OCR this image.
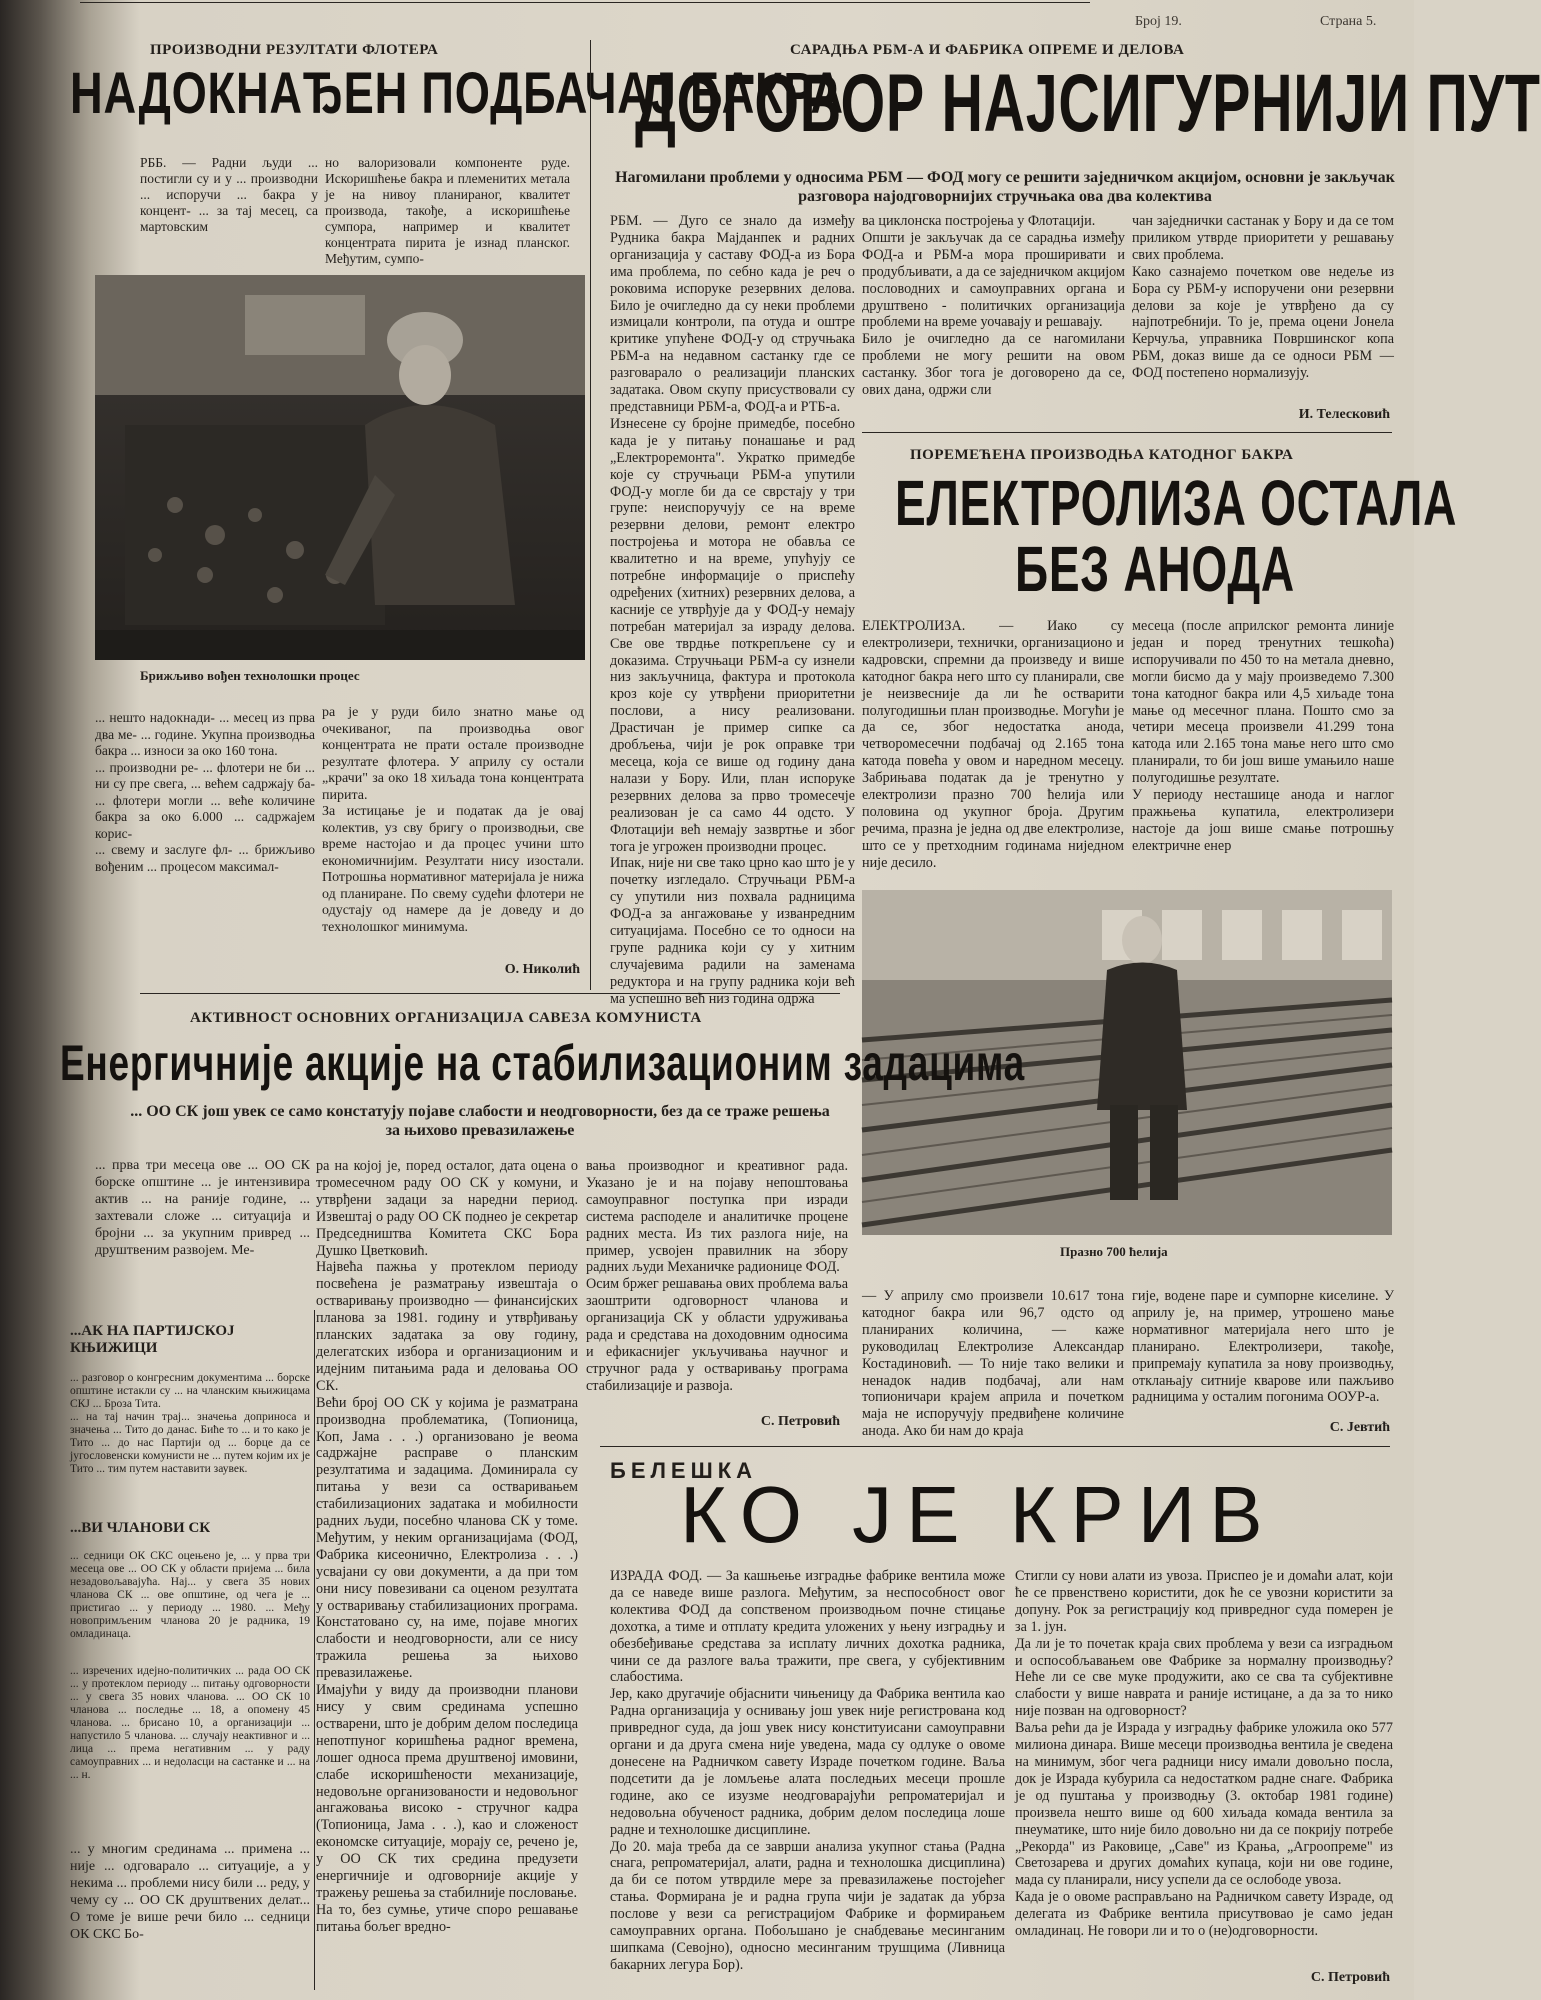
Број 19.	Страна 5.
ПРОИЗВОДНИ РЕЗУЛТАТИ ФЛОТЕРА
НАДОКНАЂЕН ПОДБАЧАЈ БАКРА
РББ. — Радни људи ... постигли су и у ... производни ... испоручи ... бакра у концент- ... за тај месец, са мартовским
но валоризовали компоненте руде. Искоришћење бакра и племенитих метала је на нивоу планираног, квалитет производа, такође, а искоришћење сумпора, например и квалитет концентрата пирита је изнад планског. Међутим, сумпо-
Брижљиво вођен технолошки процес
... нешто надокнади- ... месец из прва два ме- ... године. Укупна производња бакра ... износи за око 160 тона.
... производни ре- ... флотери не би ... ни су пре свега, ... већем садржају ба- ... флотери могли ... веће количине бакра за око 6.000 ... садржајем корис-
... свему и заслуге фл- ... брижљиво вођеним ... процесом максимал-
ра је у руди било знатно мање од очекиваног, па производња овог концентрата не прати остале производне резултате флотера. У априлу су остали „крачи" за око 18 хиљада тона концентрата пирита.
За истицање је и податак да је овај колектив, уз сву бригу о производњи, све време настојао и да процес учини што економичнијим. Резултати нису изостали. Потрошња нормативног материјала је нижа од планиране. По свему судећи флотери не одустају од намере да је доведу и до технолошког минимума.
О. Николић
САРАДЊА РБМ-А И ФАБРИКА ОПРЕМЕ И ДЕЛОВА
ДОГОВОР НАЈСИГУРНИЈИ ПУТ
Нагомилани проблеми у односима РБМ — ФОД могу се решити заједничком акцијом, основни је закључак разговора најодговорнијих стручњака ова два колектива
РБМ. — Дуго се знало да између Рудника бакра Мајданпек и радних организација у саставу ФОД-а из Бора има проблема, по себно када је реч о роковима испоруке резервних делова. Било је очигледно да су неки проблеми измицали контроли, па отуда и оштре критике упућене ФОД-у од стручњака РБМ-а на недавном састанку где се разговарало о реализацији планских задатака. Овом скупу присуствовали су представници РБМ-а, ФОД-а и РТБ-а.
Изнесене су бројне примедбе, посебно када је у питању понашање и рад „Електроремонта". Укратко примедбе које су стручњаци РБМ-а упутили ФОД-у могле би да се сврстају у три групе: неиспоручују се на време резервни делови, ремонт електро постројења и мотора не обавља се квалитетно и на време, упућују се потребне информације о приспећу одређених (хитних) резервних делова, а касније се утврђује да у ФОД-у немају потребан материјал за израду делова. Све ове тврдње поткрепљене су и доказима. Стручњаци РБМ-а су изнели низ закључница, фактура и протокола кроз које су утврђени приоритетни послови, а нису реализовани. Драстичан је пример сипке са дробљења, чији је рок оправке три месеца, која се више од годину дана налази у Бору. Или, план испоруке резервних делова за прво тромесечје реализован је са само 44 одсто. У Флотацији већ немају зазвртње и због тога је угрожен производни процес.
Ипак, није ни све тако црно као што је у почетку изгледало. Стручњаци РБМ-а су упутили низ похвала радницима ФОД-а за ангажовање у изванредним ситуацијама. Посебно се то односи на групе радника који су у хитним случајевима радили на заменама редуктора и на групу радника који већ ма успешно већ низ година одржа
ва циклонска постројења у Флотацији.
Општи је закључак да се сарадња између ФОД-а и РБМ-а мора проширивати и продубљивати, а да се заједничком акцијом пословодних и самоуправних органа и друштвено - политичких организација проблеми на време уочавају и решавају.
Било је очигледно да се нагомилани проблеми не могу решити на овом састанку. Због тога је договорено да се, ових дана, одржи сли
чан заједнички састанак у Бору и да се том приликом утврде приоритети у решавању свих проблема.
Како сазнајемо почетком ове недеље из Бора су РБМ-у испоручени они резервни делови за које је утврђено да су најпотребнији. То је, према оцени Јонела Керчуља, управника Површинског копа РБМ, доказ више да се односи РБМ — ФОД постепено нормализују.
И. Телесковић
ПОРЕМЕЋЕНА ПРОИЗВОДЊА КАТОДНОГ БАКРА
ЕЛЕКТРОЛИЗА ОСТАЛА
БЕЗ АНОДА
ЕЛЕКТРОЛИЗА. — Иако су електролизери, технички, организационо и кадровски, спремни да произведу и више катодног бакра него што су планирали, све је неизвесније да ли ће остварити полугодишњи план производње. Могући је да се, због недостатка анода, четворомесечни подбачај од 2.165 тона катода повећа у овом и наредном месецу. Забрињава податак да је тренутно у електролизи празно 700 ћелија или половина од укупног броја. Другим речима, празна је једна од две електролизе, што се у претходним годинама ниједном није десило.
месеца (после априлског ремонта линије један и поред тренутних тешкоћа) испоручивали по 450 то на метала дневно, могли бисмо да у мају произведемо 7.300 тона катодног бакра или 4,5 хиљаде тона мање од месечног плана. Пошто смо за четири месеца произвели 41.299 тона катода или 2.165 тона мање него што смо планирали, то би још више умањило наше полугодишње резултате.
У периоду несташице анода и наглог пражњења купатила, електролизери настоје да још више смање потрошњу електричне енер
Празно 700 ћелија
— У априлу смо произвели 10.617 тона катодног бакра или 96,7 одсто од планираних количина, — каже руководилац Електролизе Александар Костадиновић. — То није тако велики и ненадок надив подбачај, али нам топионичари крајем априла и почетком маја не испоручују предвиђене количине анода. Ако би нам до краја
гије, водене паре и сумпорне киселине. У априлу је, на пример, утрошено мање нормативног материјала него што је планирано. Електролизери, такође, припремају купатила за нову производњу, отклањају ситније кварове или пажљиво радницима у осталим погонима ООУР-а.
С. Јевтић
АКТИВНОСТ ОСНОВНИХ ОРГАНИЗАЦИЈА САВЕЗА КОМУНИСТА
Енергичније акције на стабилизационим задацима
... ОО СК још увек се само констатују појаве слабости и неодговорности, без да се траже решења за њихово превазилажење
... првa три месеца ове ... ОО СК борске општине ... је интензивира актив ... на раније године, ... захтевали сложе ... ситуација и бројни ... за укупним привред ... друштвеним развојем. Ме-
ра на којој је, поред осталог, дата оцена о тромесечном раду ОО СК у комуни, и утврђени задаци за наредни период. Извештај о раду ОО СК поднео је секретар Председништва Комитета СКС Бора Душко Цветковић.
Највећа пажња у протеклом периоду посвећена је разматрању извештаја о остваривању производно — финансијских планова за 1981. годину и утврђивању планских задатака за ову годину, делегатских избора и организационим и идејним питањима рада и деловања ОО СК.
Већи број ОО СК у којима је разматрана производна проблематика, (Топионица, Коп, Јама . . .) организовано је веома садржајне расправе о планским резултатима и задацима. Доминирала су питања у вези са остваривањем стабилизационих задатака и мобилности радних људи, посебно чланова СК у томе. Међутим, у неким организацијама (ФОД, Фабрика кисеонично, Електролиза . . .) усвајани су ови документи, а да при том они нису повезивани са оценом резултата у остваривању стабилизационих програма. Констатовано су, на име, појаве многих слабости и неодговорности, али се нису тражила решења за њихово превазилажење.
Имајући у виду да производни планови нису у свим срединама успешно остварени, што је добрим делом последица непотпуног коришћења радног времена, лошег односа према друштвеној имовини, слабе искоришћености механизације, недовољне организованости и недовољног ангажовања високо - стручног кадра (Топионица, Јама . . .), као и сложеност економске ситуације, морају се, речено је, у ОО СК тих средина предузети енергичније и одговорније акције у тражењу решења за стабилније пословање.
На то, без сумње, утиче споро решавање питања бољег вредно-
вања производног и креативног рада. Указано је и на појаву непоштовања самоуправног поступка при изради система расподеле и аналитичке процене радних места. Из тих разлога није, на пример, усвојен правилник на збору радних људи Механичке радионице ФОД.
Осим бржег решавања ових проблема ваља заоштрити одговорност чланова и организација СК у области удруживања рада и средстава на доходовним односима и ефикаснијег укључивања научног и стручног рада у остваривању програма стабилизације и развоја.
С. Петровић
...АК НА ПАРТИЈСКОЈ КЊИЖИЦИ
... разговор о конгресним документима ... борске општине истакли су ... на чланским књижицама СКЈ ... Броза Тита.
... на тај начин трај... значења доприноса и значења ... Тито до данас. Биће то ... и то како је Тито ... до нас Партији од ... борце да се југословенски комунисти не ... путем којим их је Тито ... тим путем наставити заувек.
...ВИ ЧЛАНОВИ СК
... седници ОК СКС оцењено је, ... у прва три месеца ове ... ОО СК у области пријема ... била незадовољавајућа. Нај... у свега 35 нових чланова СК ... ове општине, од чега је ... пристигао ... у периоду ... 1980. ... Међу новопримљеним чланова 20 је радника, 19 омладинаца.
... изречених идејно-политичких ... рада ОО СК ... у протеклом периоду ... питању одговорности ... у свега 35 нових чланова. ... ОО СК 10 чланова ... последње ... 18, а опомену 45 чланова. ... брисано 10, а организацији ... напустило 5 чланова. ... случају неактивног и ... лица ... према негативним ... у раду самоуправних ... и недоласци на састанке и ... на ... н.
... у многим срединама ... примена ... није ... одговаралo ... ситуације, а у некима ... проблеми нису били ... реду, у чему су ... ОО СК друштвених делат... О томе је више речи било ... седници ОК СКС Бо-
БЕЛЕШКА
КО ЈЕ КРИВ
ИЗРАДА ФОД. — За кашњење изградње фабрике вентила може да се наведе више разлога. Међутим, за неспособност овог колектива ФОД да сопственом производњом почне стицање дохотка, а тиме и отплату кредита уложених у њену изградњу и обезбеђивање средстава за исплату личних дохотка радника, чини се да разлоге ваља тражити, пре свега, у субјективним слабостима.
Јер, како другачије објаснити чињеницу да Фабрика вентила као Радна организација у оснивању још увек није регистрована код привредног суда, да још увек нису конституисани самоуправни органи и да другa смена није уведена, мада су одлуке о овоме донесене на Радничком савету Израде почетком године. Ваља подсетити да је ломљење алата последњих месеци прошле године, ако се изузме неодговарајући репроматеријал и недовољна обученост радника, добрим делом последица лоше радне и технолошке дисциплине.
До 20. маја треба да се заврши анализа укупног стања (Радна снага, репроматеријал, алати, радна и технолошка дисциплина) да би се потом утврдиле мере за превазилажење постојећег стања. Формирана је и радна група чији је задатак да убрза послове у вези са регистрацијом Фабрике и формирањем самоуправних органа. Побољшано је снабдевање месинганим шипкама (Севојно), односно месинганим трушцима (Ливница бакарних легура Бор).
Стигли су нови алати из увоза. Приспео је и домаћи алат, који ће се првенствено користити, док ће се увозни користити за допуну. Рок за регистрацију код привредног суда померен је за 1. јун.
Да ли је то почетак краја свих проблема у вези са изградњом и оспособљавањем ове Фабрике за нормалну производњу? Нећe ли се све муке продужити, ако се сва та субјективне слабости у више наврата и раније истицане, а да за то нико није позван на одговорност?
Ваља рећи да је Израда у изградњу фабрике уложила око 577 милиона динара. Више месеци производња вентила је сведена на минимум, због чега радници нису имали довољно посла, док је Израда кубурила са недостатком радне снаге. Фабрика је од пуштања у производњу (3. октобар 1981 године) произвела нешто више од 600 хиљада комада вентила за пнеуматике, што није било довољно ни да се покрију потребе „Рекорда" из Раковице, „Саве" из Крања, „Агроопреме" из Светозарева и других домаћих купаца, који ни ове године, мада су планирали, нису успели да се ослободе увоза.
Када је о овоме расправљано на Радничком савету Израде, од делегата из Фабрике вентила присутвовао је само један омладинац. Не говори ли и то о (не)одговорности.
С. Петровић
